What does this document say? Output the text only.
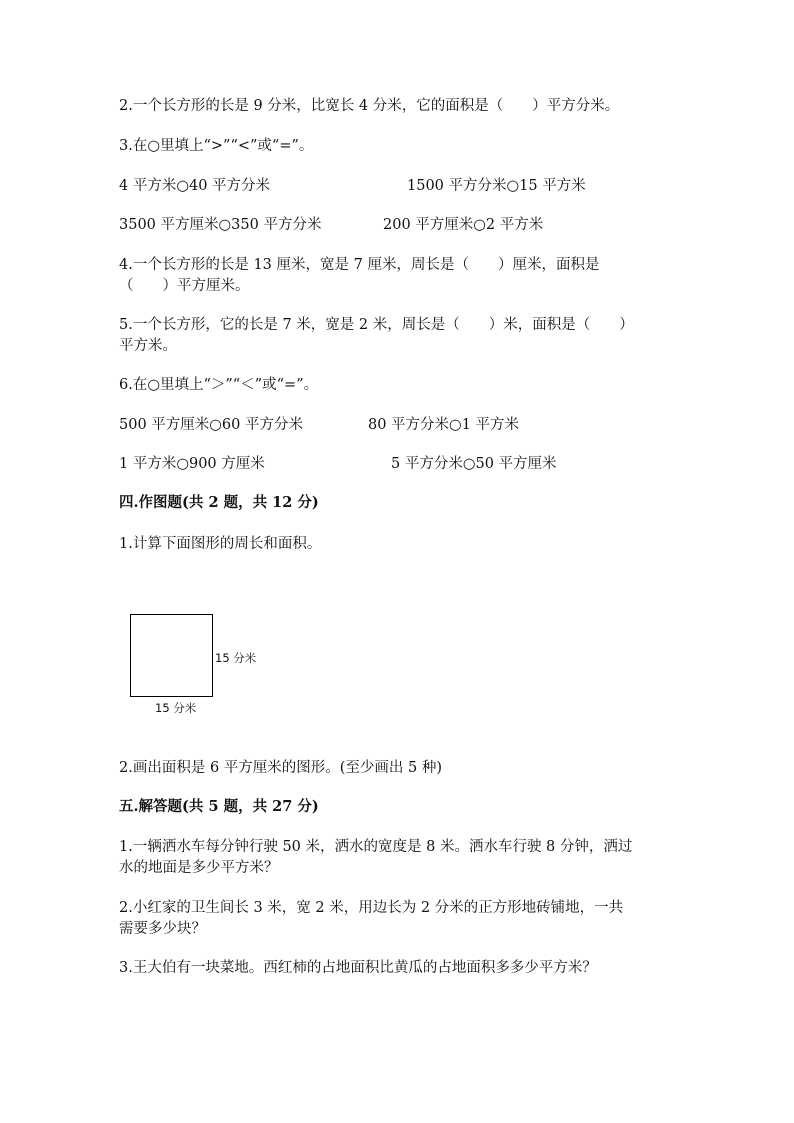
2.一个长方形的长是 9 分米，比宽长 4 分米，它的面积是（　　）平方分米。
3.在○里填上“>”“<”或“=”。
4 平方米○40 平方分米	1500 平方分米○15 平方米
3500 平方厘米○350 平方分米	200 平方厘米○2 平方米
4.一个长方形的长是 13 厘米，宽是 7 厘米，周长是（　　）厘米，面积是
（　　）平方厘米。
5.一个长方形，它的长是 7 米，宽是 2 米，周长是（　　）米，面积是（　　）
平方米。
6.在○里填上“＞”“＜”或“=”。
500 平方厘米○60 平方分米	80 平方分米○1 平方米
1 平方米○900 方厘米	5 平方分米○50 平方厘米
四.作图题(共 2 题，共 12 分)
1.计算下面图形的周长和面积。
15 分米
15 分米
2.画出面积是 6 平方厘米的图形。(至少画出 5 种)
五.解答题(共 5 题，共 27 分)
1.一辆洒水车每分钟行驶 50 米，洒水的宽度是 8 米。洒水车行驶 8 分钟，洒过
水的地面是多少平方米？
2.小红家的卫生间长 3 米，宽 2 米，用边长为 2 分米的正方形地砖铺地，一共
需要多少块？
3.王大伯有一块菜地。西红柿的占地面积比黄瓜的占地面积多多少平方米？
